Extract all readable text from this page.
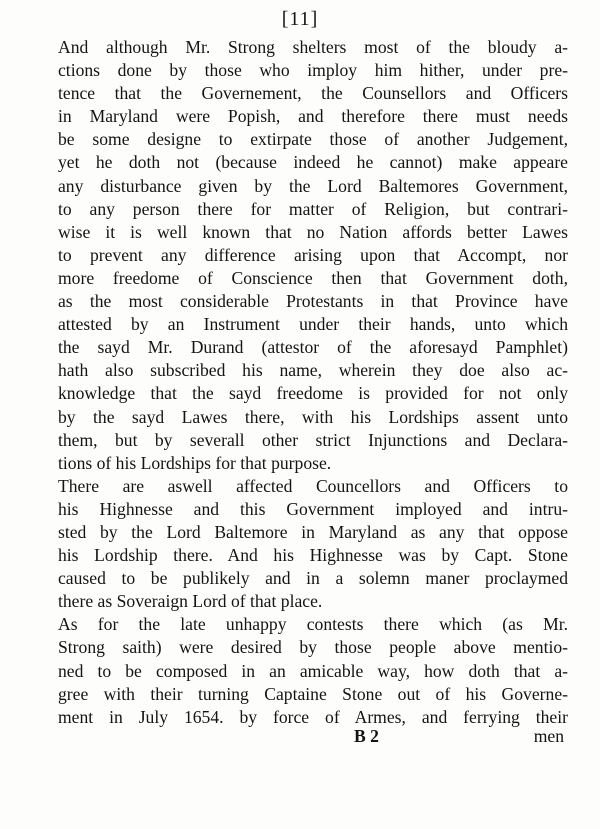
[11]
And although Mr. Strong shelters most of the bloudy a-
ctions done by those who imploy him hither, under pre-
tence that the Governement, the Counsellors and Officers
in Maryland were Popish, and therefore there must needs
be some designe to extirpate those of another Judgement,
yet he doth not (because indeed he cannot) make appeare
any disturbance given by the Lord Baltemores Government,
to any person there for matter of Religion, but contrari-
wise it is well known that no Nation affords better Lawes
to prevent any difference arising upon that Accompt, nor
more freedome of Conscience then that Government doth,
as the most considerable Protestants in that Province have
attested by an Instrument under their hands, unto which
the sayd Mr. Durand (attestor of the aforesayd Pamphlet)
hath also subscribed his name, wherein they doe also ac-
knowledge that the sayd freedome is provided for not only
by the sayd Lawes there, with his Lordships assent unto
them, but by severall other strict Injunctions and Declara-
tions of his Lordships for that purpose.
There are aswell affected Councellors and Officers to
his Highnesse and this Government imployed and intru-
sted by the Lord Baltemore in Maryland as any that oppose
his Lordship there. And his Highnesse was by Capt. Stone
caused to be publikely and in a solemn maner proclaymed
there as Soveraign Lord of that place.
As for the late unhappy contests there which (as Mr.
Strong saith) were desired by those people above mentio-
ned to be composed in an amicable way, how doth that a-
gree with their turning Captaine Stone out of his Governe-
ment in July 1654. by force of Armes, and ferrying their
B 2	men
